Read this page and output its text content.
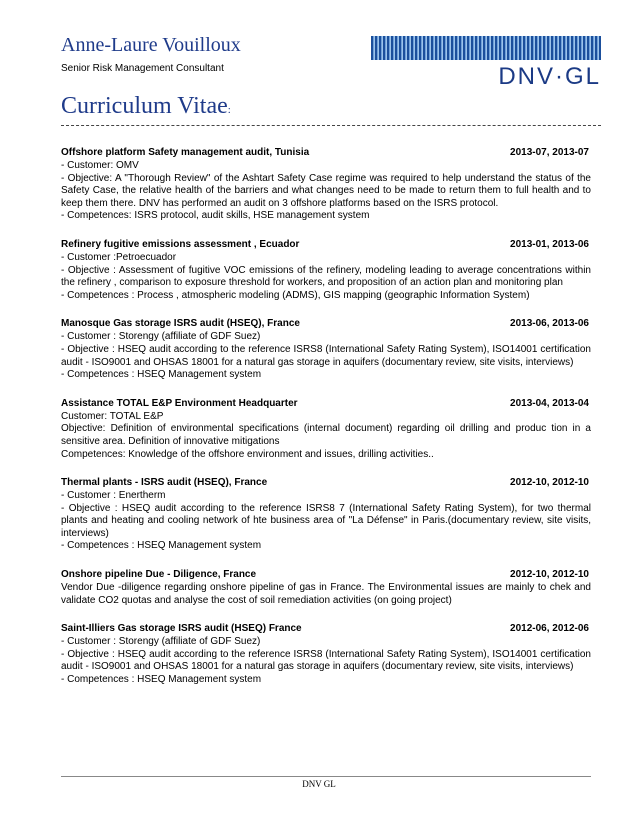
Anne-Laure Vouilloux
Senior Risk Management Consultant
Curriculum Vitae:
DNV·GL
Offshore platform Safety management audit, Tunisia	2013-07, 2013-07

- Customer: OMV

- Objective: A "Thorough Review" of the Ashtart Safety Case regime was required to help understand the status of the Safety Case, the relative health of the barriers and what changes need to be made to return them to full health and to keep them there. DNV has performed an audit on 3 offshore platforms based on the ISRS protocol.

- Competences: ISRS protocol, audit skills, HSE management system

Refinery fugitive emissions assessment , Ecuador	2013-01, 2013-06

- Customer :Petroecuador

- Objective : Assessment of fugitive VOC emissions of the refinery, modeling leading to average concentrations within the refinery , comparison to exposure threshold for workers, and proposition of an action plan and monitoring plan

- Competences : Process , atmospheric modeling (ADMS), GIS mapping (geographic Information System)

Manosque Gas storage ISRS audit (HSEQ), France	2013-06, 2013-06

- Customer : Storengy (affiliate of GDF Suez)

- Objective : HSEQ audit according to the reference ISRS8 (International Safety Rating System), ISO14001 certification audit - ISO9001 and OHSAS 18001 for a natural gas storage in aquifers (documentary review, site visits, interviews)

- Competences : HSEQ Management system

Assistance TOTAL E&P Environment Headquarter	2013-04, 2013-04

Customer: TOTAL E&P

Objective: Definition of environmental specifications (internal document) regarding oil drilling and produc tion in a sensitive area. Definition of innovative mitigations

Competences: Knowledge of the offshore environment and issues, drilling activities..

Thermal plants - ISRS audit (HSEQ), France	2012-10, 2012-10

- Customer : Enertherm

- Objective : HSEQ audit according to the reference ISRS8 7 (International Safety Rating System), for two thermal plants and heating and cooling network of hte business area of "La Défense" in Paris.(documentary review, site visits, interviews)

- Competences : HSEQ Management system

Onshore pipeline Due - Diligence, France	2012-10, 2012-10

Vendor Due -diligence regarding onshore pipeline of gas in France. The Environmental issues are mainly to chek and validate CO2 quotas and analyse the cost of soil remediation activities (on going project)

Saint-Illiers Gas storage ISRS audit (HSEQ) France	2012-06, 2012-06

- Customer : Storengy (affiliate of GDF Suez)

- Objective : HSEQ audit according to the reference ISRS8 (International Safety Rating System), ISO14001 certification audit - ISO9001 and OHSAS 18001 for a natural gas storage in aquifers (documentary review, site visits, interviews)

- Competences : HSEQ Management system

DNV GL
